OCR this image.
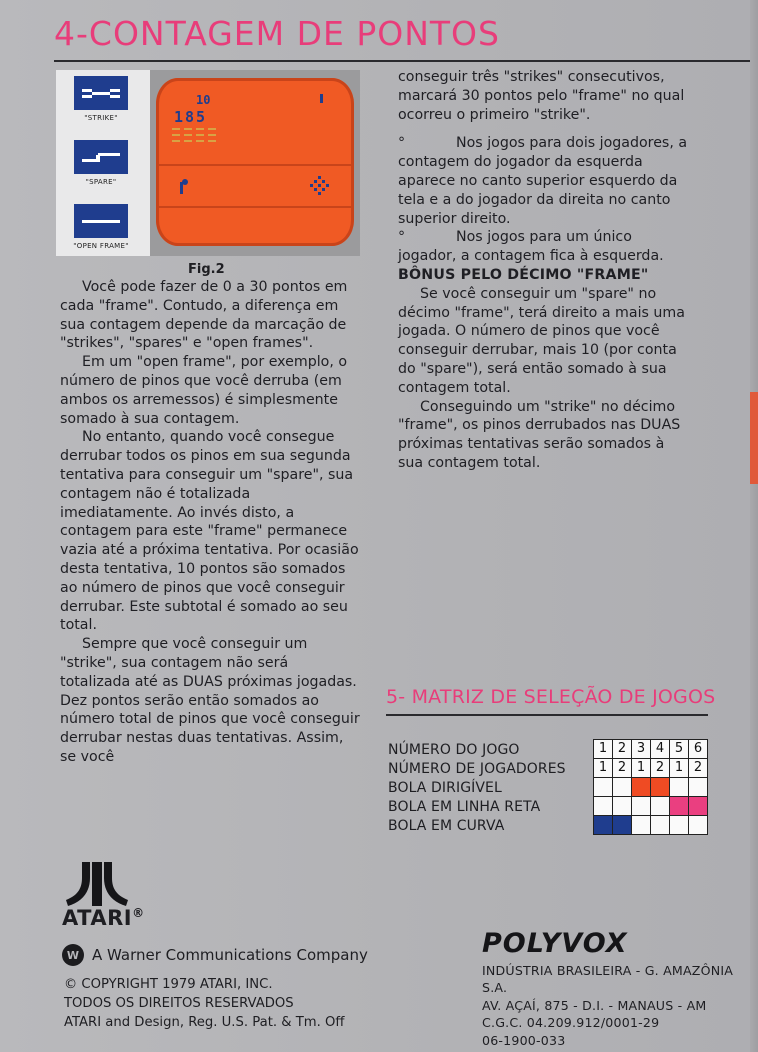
4-CONTAGEM DE PONTOS
"STRIKE"
"SPARE"
"OPEN FRAME"
10
185
Fig.2

Você pode fazer de 0 a 30 pontos em cada "frame". Contudo, a diferença em sua contagem depende da marcação de "strikes", "spares" e "open frames".

Em um "open frame", por exemplo, o número de pinos que você derruba (em ambos os arremessos) é simplesmente somado à sua contagem.

No entanto, quando você consegue derrubar todos os pinos em sua segunda tentativa para conseguir um "spare", sua contagem não é totalizada imediatamente. Ao invés disto, a contagem para este "frame" permanece vazia até a próxima tentativa. Por ocasião desta tentativa, 10 pontos são somados ao número de pinos que você conseguir derrubar. Este subtotal é somado ao seu total.

Sempre que você conseguir um "strike", sua contagem não será totalizada até as DUAS próximas jogadas. Dez pontos serão então somados ao número total de pinos que você conseguir derrubar nestas duas tentativas. Assim, se você

conseguir três "strikes" consecutivos, marcará 30 pontos pelo "frame" no qual ocorreu o primeiro "strike".

°	Nos jogos para dois jogadores, a contagem do jogador da esquerda aparece no canto superior esquerdo da tela e a do jogador da direita no canto superior direito.

°	Nos jogos para um único jogador, a contagem fica à esquerda.

BÔNUS PELO DÉCIMO "FRAME"

Se você conseguir um "spare" no décimo "frame", terá direito a mais uma jogada. O número de pinos que você conseguir derrubar, mais 10 (por conta do "spare"), será então somado à sua contagem total.

Conseguindo um "strike" no décimo "frame", os pinos derrubados nas DUAS próximas tentativas serão somados à sua contagem total.

5- MATRIZ DE SELEÇÃO DE JOGOS
NÚMERO DO JOGO
NÚMERO DE JOGADORES
BOLA DIRIGÍVEL
BOLA EM LINHA RETA
BOLA EM CURVA
1 2 3 4 5 6
1 2 1 2 1 2
ATARI®
W A Warner Communications Company
© COPYRIGHT 1979 ATARI, INC.
TODOS OS DIREITOS RESERVADOS
ATARI and Design, Reg. U.S. Pat. & Tm. Off
POLYVOX
INDÚSTRIA BRASILEIRA - G. AMAZÔNIA S.A.
AV. AÇAÍ, 875 - D.I. - MANAUS - AM
C.G.C. 04.209.912/0001-29
06-1900-033
